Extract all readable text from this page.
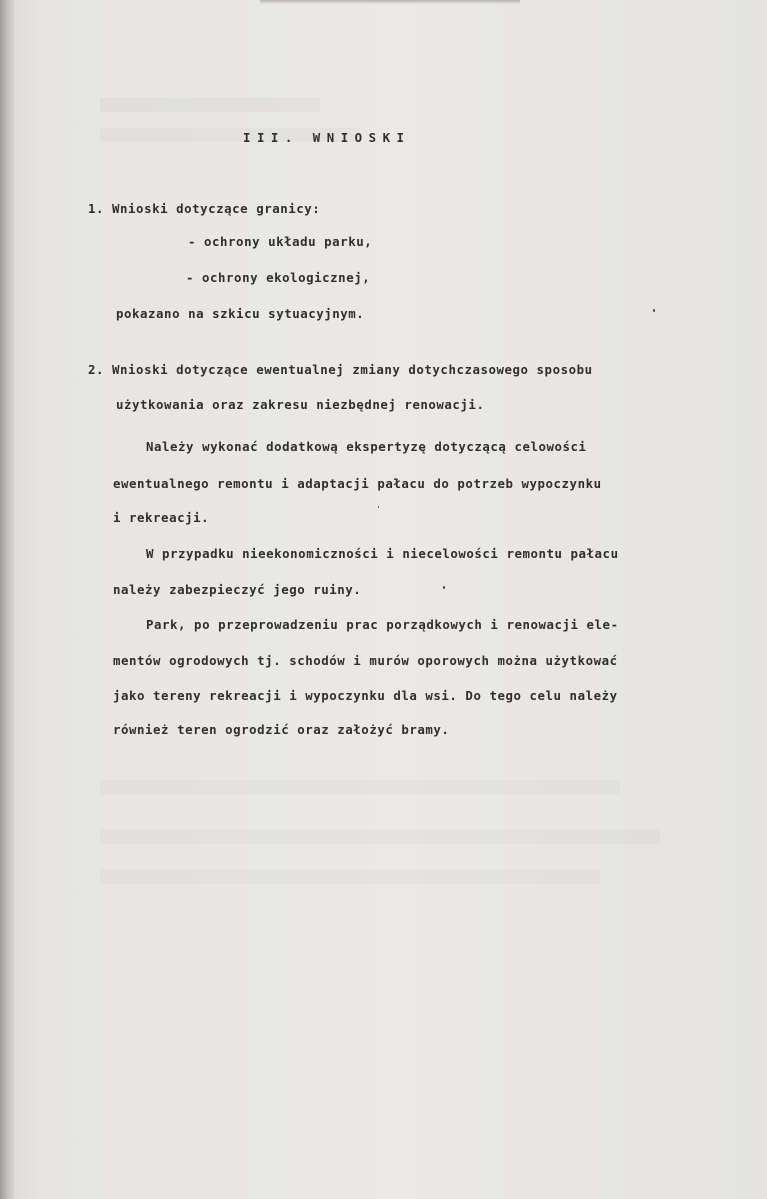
III. WNIOSKI
1. Wnioski dotyczące granicy:
- ochrony układu parku,
- ochrony ekologicznej,
pokazano na szkicu sytuacyjnym.
2. Wnioski dotyczące ewentualnej zmiany dotychczasowego sposobu
użytkowania oraz zakresu niezbędnej renowacji.
Należy wykonać dodatkową ekspertyzę dotyczącą celowości
ewentualnego remontu i adaptacji pałacu do potrzeb wypoczynku
i rekreacji.
W przypadku nieekonomiczności i niecelowości remontu pałacu
należy zabezpieczyć jego ruiny.
Park, po przeprowadzeniu prac porządkowych i renowacji ele-
mentów ogrodowych tj. schodów i murów oporowych można użytkować
jako tereny rekreacji i wypoczynku dla wsi. Do tego celu należy
również teren ogrodzić oraz założyć bramy.
